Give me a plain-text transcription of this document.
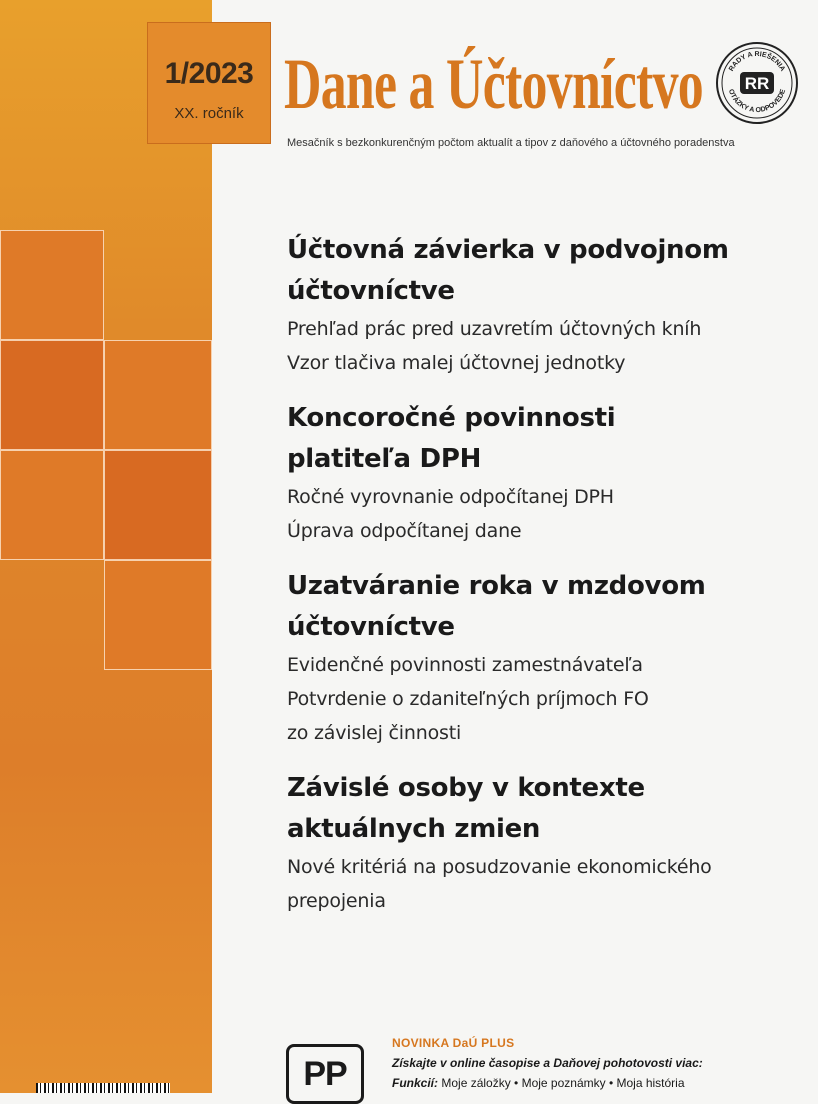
1/2023
XX. ročník Dane a Účtovníctvo
Mesačník s bezkonkurenčným počtom aktualít a tipov z daňového a účtovného poradenstva
RADY A RIEŠENIA
OTÁZKY A ODPOVEDE
RR
Účtovná závierka v podvojnom
účtovníctve
Prehľad prác pred uzavretím účtovných kníh
Vzor tlačiva malej účtovnej jednotky
Koncoročné povinnosti
platiteľa DPH
Ročné vyrovnanie odpočítanej DPH
Úprava odpočítanej dane
Uzatváranie roka v mzdovom
účtovníctve
Evidenčné povinnosti zamestnávateľa
Potvrdenie o zdaniteľných príjmoch FO
zo závislej činnosti
Závislé osoby v kontexte
aktuálnych zmien
Nové kritériá na posudzovanie ekonomického
prepojenia
PP
NOVINKA DaÚ PLUS
Získajte v online časopise a Daňovej pohotovosti viac:
Funkcií: Moje záložky • Moje poznámky • Moja história
